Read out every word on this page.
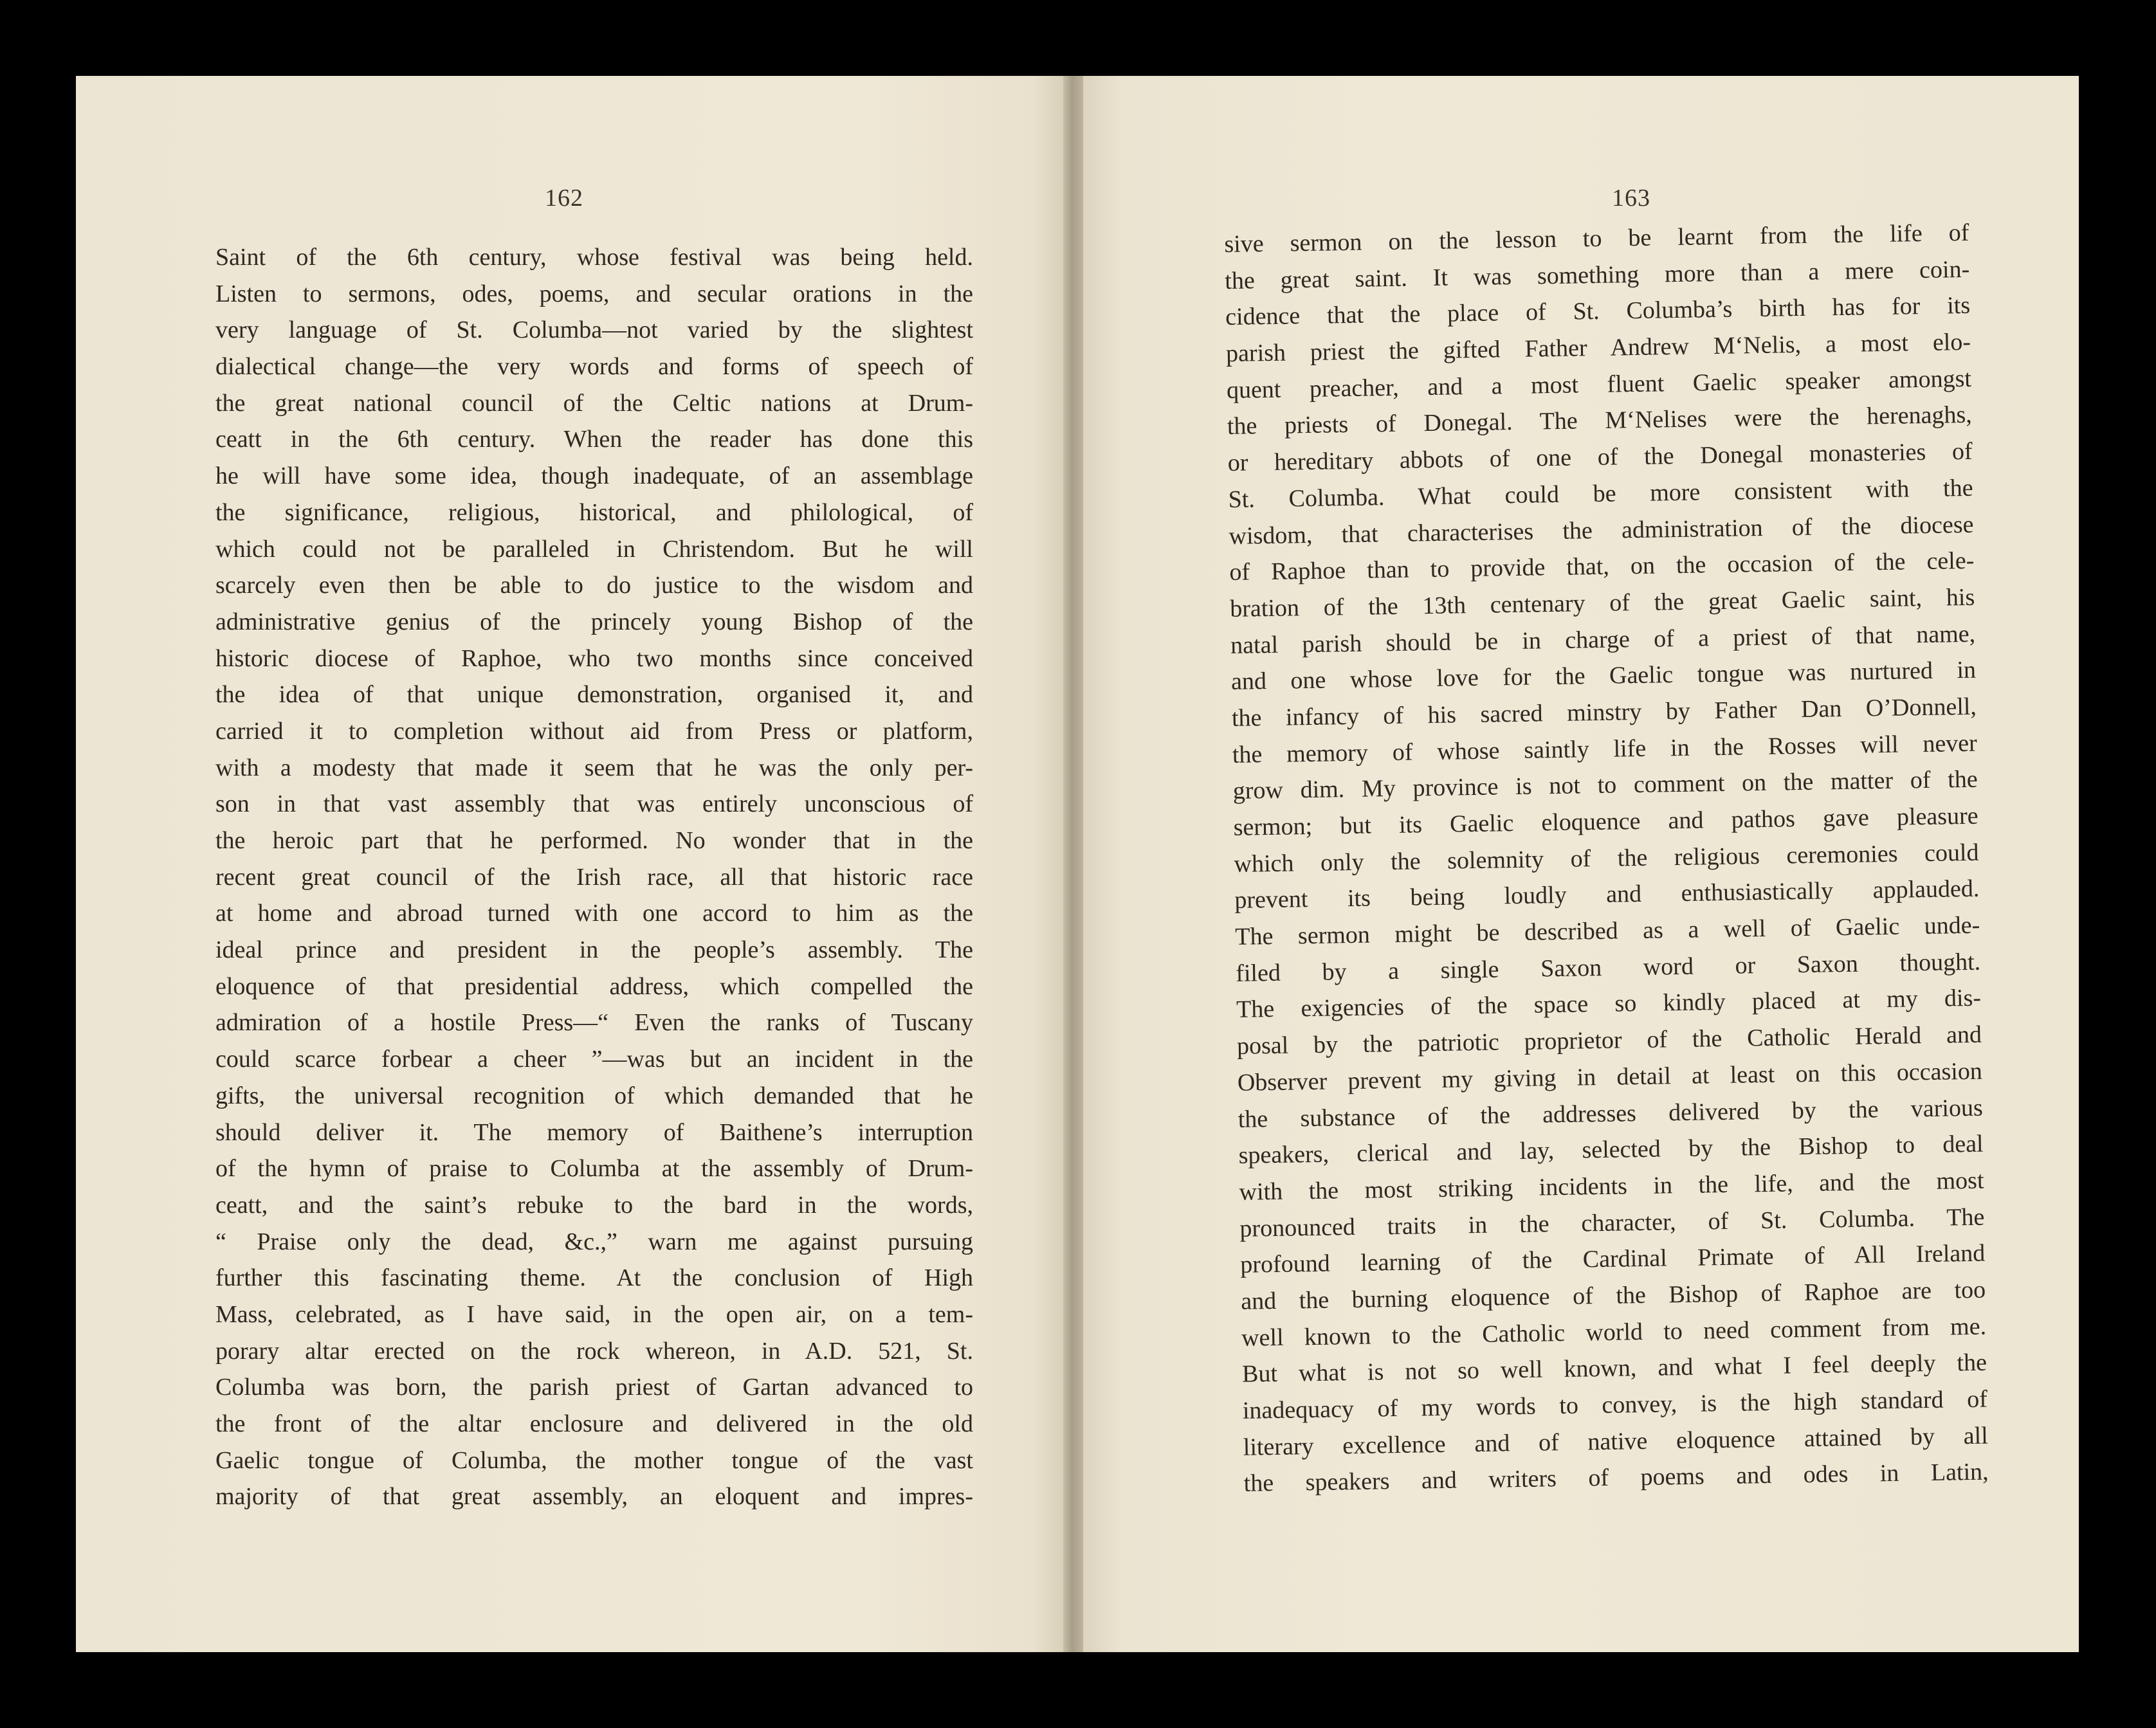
162
Saint of the 6th century, whose festival was being held.
Listen to sermons, odes, poems, and secular orations in the
very language of St. Columba—not varied by the slightest
dialectical change—the very words and forms of speech of
the great national council of the Celtic nations at Drum-
ceatt in the 6th century. When the reader has done this
he will have some idea, though inadequate, of an assemblage
the significance, religious, historical, and philological, of
which could not be paralleled in Christendom. But he will
scarcely even then be able to do justice to the wisdom and
administrative genius of the princely young Bishop of the
historic diocese of Raphoe, who two months since conceived
the idea of that unique demonstration, organised it, and
carried it to completion without aid from Press or platform,
with a modesty that made it seem that he was the only per-
son in that vast assembly that was entirely unconscious of
the heroic part that he performed. No wonder that in the
recent great council of the Irish race, all that historic race
at home and abroad turned with one accord to him as the
ideal prince and president in the people’s assembly. The
eloquence of that presidential address, which compelled the
admiration of a hostile Press—“ Even the ranks of Tuscany
could scarce forbear a cheer ”—was but an incident in the
gifts, the universal recognition of which demanded that he
should deliver it. The memory of Baithene’s interruption
of the hymn of praise to Columba at the assembly of Drum-
ceatt, and the saint’s rebuke to the bard in the words,
“ Praise only the dead, &c.,” warn me against pursuing
further this fascinating theme. At the conclusion of High
Mass, celebrated, as I have said, in the open air, on a tem-
porary altar erected on the rock whereon, in A.D. 521, St.
Columba was born, the parish priest of Gartan advanced to
the front of the altar enclosure and delivered in the old
Gaelic tongue of Columba, the mother tongue of the vast
majority of that great assembly, an eloquent and impres-
163
sive sermon on the lesson to be learnt from the life of
the great saint. It was something more than a mere coin-
cidence that the place of St. Columba’s birth has for its
parish priest the gifted Father Andrew M‘Nelis, a most elo-
quent preacher, and a most fluent Gaelic speaker amongst
the priests of Donegal. The M‘Nelises were the herenaghs,
or hereditary abbots of one of the Donegal monasteries of
St. Columba. What could be more consistent with the
wisdom, that characterises the administration of the diocese
of Raphoe than to provide that, on the occasion of the cele-
bration of the 13th centenary of the great Gaelic saint, his
natal parish should be in charge of a priest of that name,
and one whose love for the Gaelic tongue was nurtured in
the infancy of his sacred minstry by Father Dan O’Donnell,
the memory of whose saintly life in the Rosses will never
grow dim. My province is not to comment on the matter of the
sermon; but its Gaelic eloquence and pathos gave pleasure
which only the solemnity of the religious ceremonies could
prevent its being loudly and enthusiastically applauded.
The sermon might be described as a well of Gaelic unde-
filed by a single Saxon word or Saxon thought.
The exigencies of the space so kindly placed at my dis-
posal by the patriotic proprietor of the Catholic Herald and
Observer prevent my giving in detail at least on this occasion
the substance of the addresses delivered by the various
speakers, clerical and lay, selected by the Bishop to deal
with the most striking incidents in the life, and the most
pronounced traits in the character, of St. Columba. The
profound learning of the Cardinal Primate of All Ireland
and the burning eloquence of the Bishop of Raphoe are too
well known to the Catholic world to need comment from me.
But what is not so well known, and what I feel deeply the
inadequacy of my words to convey, is the high standard of
literary excellence and of native eloquence attained by all
the speakers and writers of poems and odes in Latin,
